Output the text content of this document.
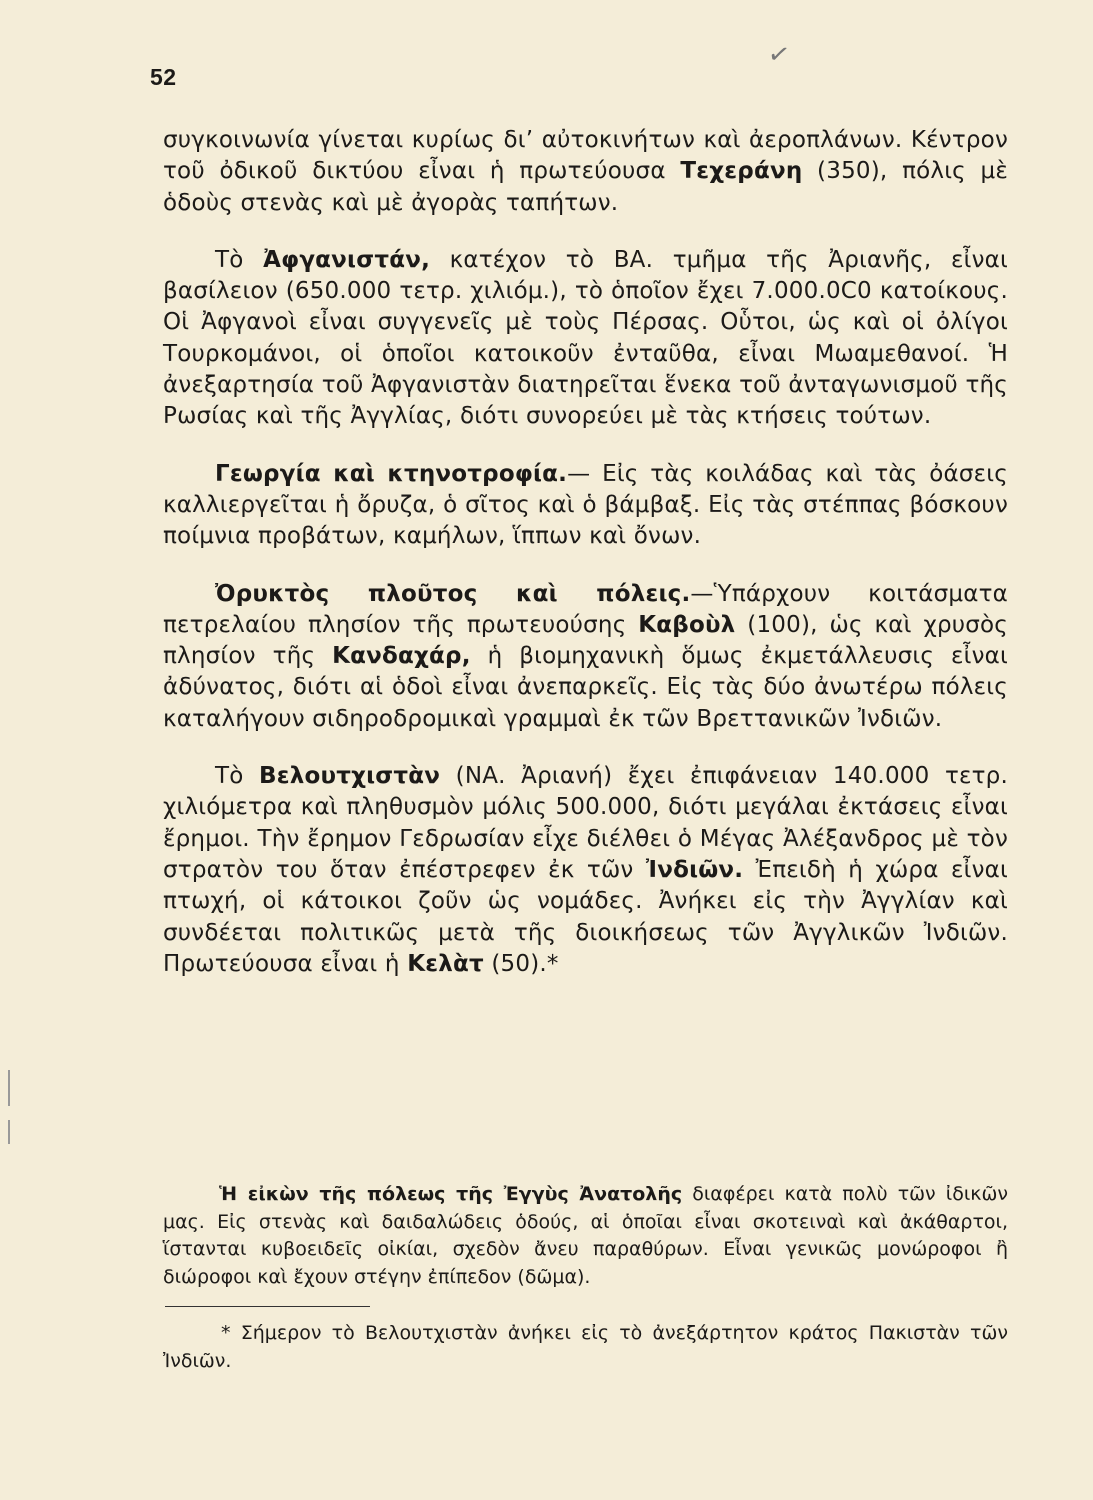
52
✓

συγκοινωνία γίνεται κυρίως δι’ αὐτοκινήτων καὶ ἀεροπλάνων. Κέντρον τοῦ ὀδικοῦ δικτύου εἶναι ἡ πρωτεύουσα Τεχεράνη (350), πόλις μὲ ὁδοὺς στενὰς καὶ μὲ ἀγορὰς ταπήτων.

Τὸ Ἀφγανιστάν, κατέχον τὸ ΒΑ. τμῆμα τῆς Ἀριανῆς, εἶναι βασίλειον (650.000 τετρ. χιλιόμ.), τὸ ὁποῖον ἔχει 7.000.0C0 κατοίκους. Οἱ Ἀφγανοὶ εἶναι συγγενεῖς μὲ τοὺς Πέρσας. Οὗτοι, ὡς καὶ οἱ ὀλίγοι Τουρκομάνοι, οἱ ὁποῖοι κατοικοῦν ἐνταῦθα, εἶναι Μωαμεθανοί. Ἡ ἀνεξαρτησία τοῦ Ἀφγανιστὰν διατηρεῖται ἕνεκα τοῦ ἀνταγωνισμοῦ τῆς Ρωσίας καὶ τῆς Ἀγγλίας, διότι συνορεύει μὲ τὰς κτήσεις τούτων.

Γεωργία καὶ κτηνοτροφία.— Εἰς τὰς κοιλάδας καὶ τὰς ὀάσεις καλλιεργεῖται ἡ ὄρυζα, ὁ σῖτος καὶ ὁ βάμβαξ. Εἰς τὰς στέππας βόσκουν ποίμνια προβάτων, καμήλων, ἵππων καὶ ὄνων.

Ὀρυκτὸς πλοῦτος καὶ πόλεις.—Ὑπάρχουν κοιτάσματα πετρελαίου πλησίον τῆς πρωτευούσης Καβοὺλ (100), ὡς καὶ χρυσὸς πλησίον τῆς Κανδαχάρ, ἡ βιομηχανικὴ ὅμως ἐκμετάλλευσις εἶναι ἀδύνατος, διότι αἱ ὁδοὶ εἶναι ἀνεπαρκεῖς. Εἰς τὰς δύο ἀνωτέρω πόλεις καταλήγουν σιδηροδρομικαὶ γραμμαὶ ἐκ τῶν Βρεττανικῶν Ἰνδιῶν.

Τὸ Βελουτχιστὰν (ΝΑ. Ἀριανή) ἔχει ἐπιφάνειαν 140.000 τετρ. χιλιόμετρα καὶ πληθυσμὸν μόλις 500.000, διότι μεγάλαι ἐκτάσεις εἶναι ἔρημοι. Τὴν ἔρημον Γεδρωσίαν εἶχε διέλθει ὁ Μέγας Ἀλέξανδρος μὲ τὸν στρατὸν του ὅταν ἐπέστρεφεν ἐκ τῶν Ἰνδιῶν. Ἐπειδὴ ἡ χώρα εἶναι πτωχή, οἱ κάτοικοι ζοῦν ὡς νομάδες. Ἀνήκει εἰς τὴν Ἀγγλίαν καὶ συνδέεται πολιτικῶς μετὰ τῆς διοικήσεως τῶν Ἀγγλικῶν Ἰνδιῶν. Πρωτεύουσα εἶναι ἡ Κελὰτ (50).*

Ἡ εἰκὼν τῆς πόλεως τῆς Ἐγγὺς Ἀνατολῆς διαφέρει κατὰ πολὺ τῶν ἰδικῶν μας. Εἰς στενὰς καὶ δαιδαλώδεις ὁδούς, αἱ ὁποῖαι εἶναι σκοτειναὶ καὶ ἀκάθαρτοι, ἵστανται κυβοειδεῖς οἰκίαι, σχεδὸν ἄνευ παραθύρων. Εἶναι γενικῶς μονώροφοι ἢ διώροφοι καὶ ἔχουν στέγην ἐπίπεδον (δῶμα).

* Σήμερον τὸ Βελουτχιστὰν ἀνήκει εἰς τὸ ἀνεξάρτητον κράτος Πακιστὰν τῶν Ἰνδιῶν.
